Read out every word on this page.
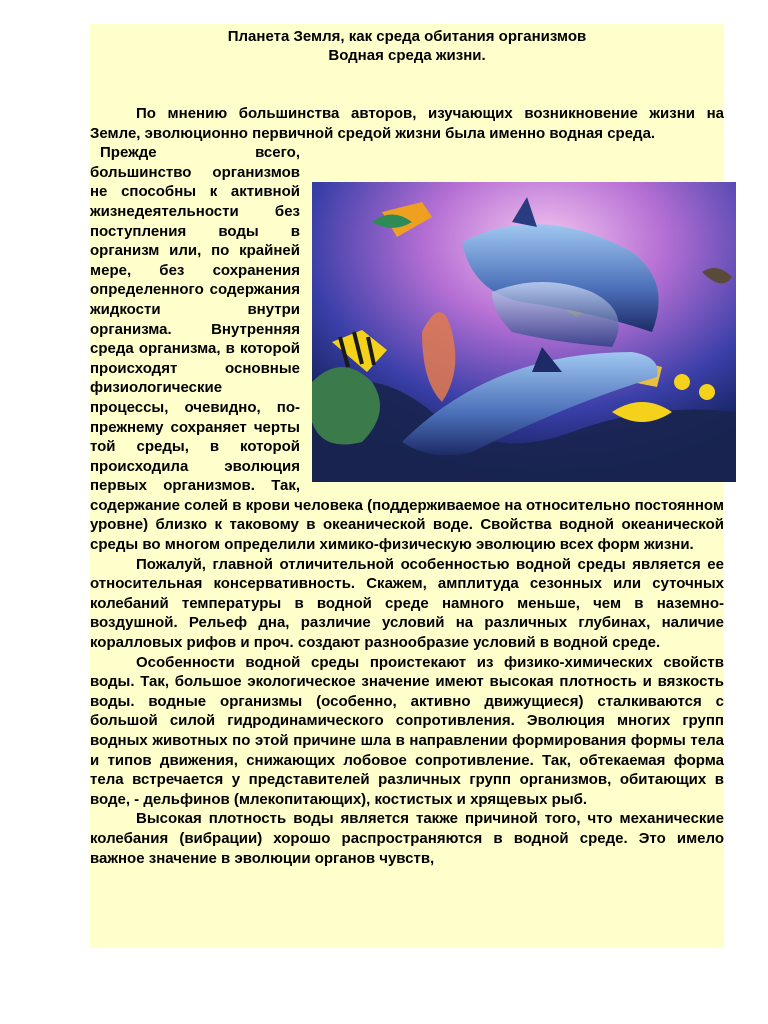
Планета Земля, как среда обитания организмов
Водная среда жизни.

По мнению большинства авторов, изучающих возникновение жизни на Земле, эволюционно первичной средой жизни была именно водная среда.

Прежде всего, большинство организмов не способны к активной жизнедеятельности без поступления воды в организм или, по крайней мере, без сохранения определенного содержания жидкости внутри организма. Внутренняя среда организма, в которой происходят основные физиологические процессы, очевидно, по-прежнему сохраняет черты той среды, в которой происходила эволюция первых организмов. Так, содержание солей в крови человека (поддерживаемое на относительно постоянном уровне) близко к таковому в океанической воде. Свойства водной океанической среды во многом определили химико-физическую эволюцию всех форм жизни.

Пожалуй, главной отличительной особенностью водной среды является ее относительная консервативность. Скажем, амплитуда сезонных или суточных колебаний температуры в водной среде намного меньше, чем в наземно-воздушной. Рельеф дна, различие условий на различных глубинах, наличие коралловых рифов и проч. создают разнообразие условий в водной среде.

Особенности водной среды проистекают из физико-химических свойств воды. Так, большое экологическое значение имеют высокая плотность и вязкость воды. водные организмы (особенно, активно движущиеся) сталкиваются с большой силой гидродинамического сопротивления. Эволюция многих групп водных животных по этой причине шла в направлении формирования формы тела и типов движения, снижающих лобовое сопротивление. Так, обтекаемая форма тела встречается у представителей различных групп организмов, обитающих в воде, - дельфинов (млекопитающих), костистых и хрящевых рыб.

Высокая плотность воды является также причиной того, что механические колебания (вибрации) хорошо распространяются в водной среде. Это имело важное значение в эволюции органов чувств,
